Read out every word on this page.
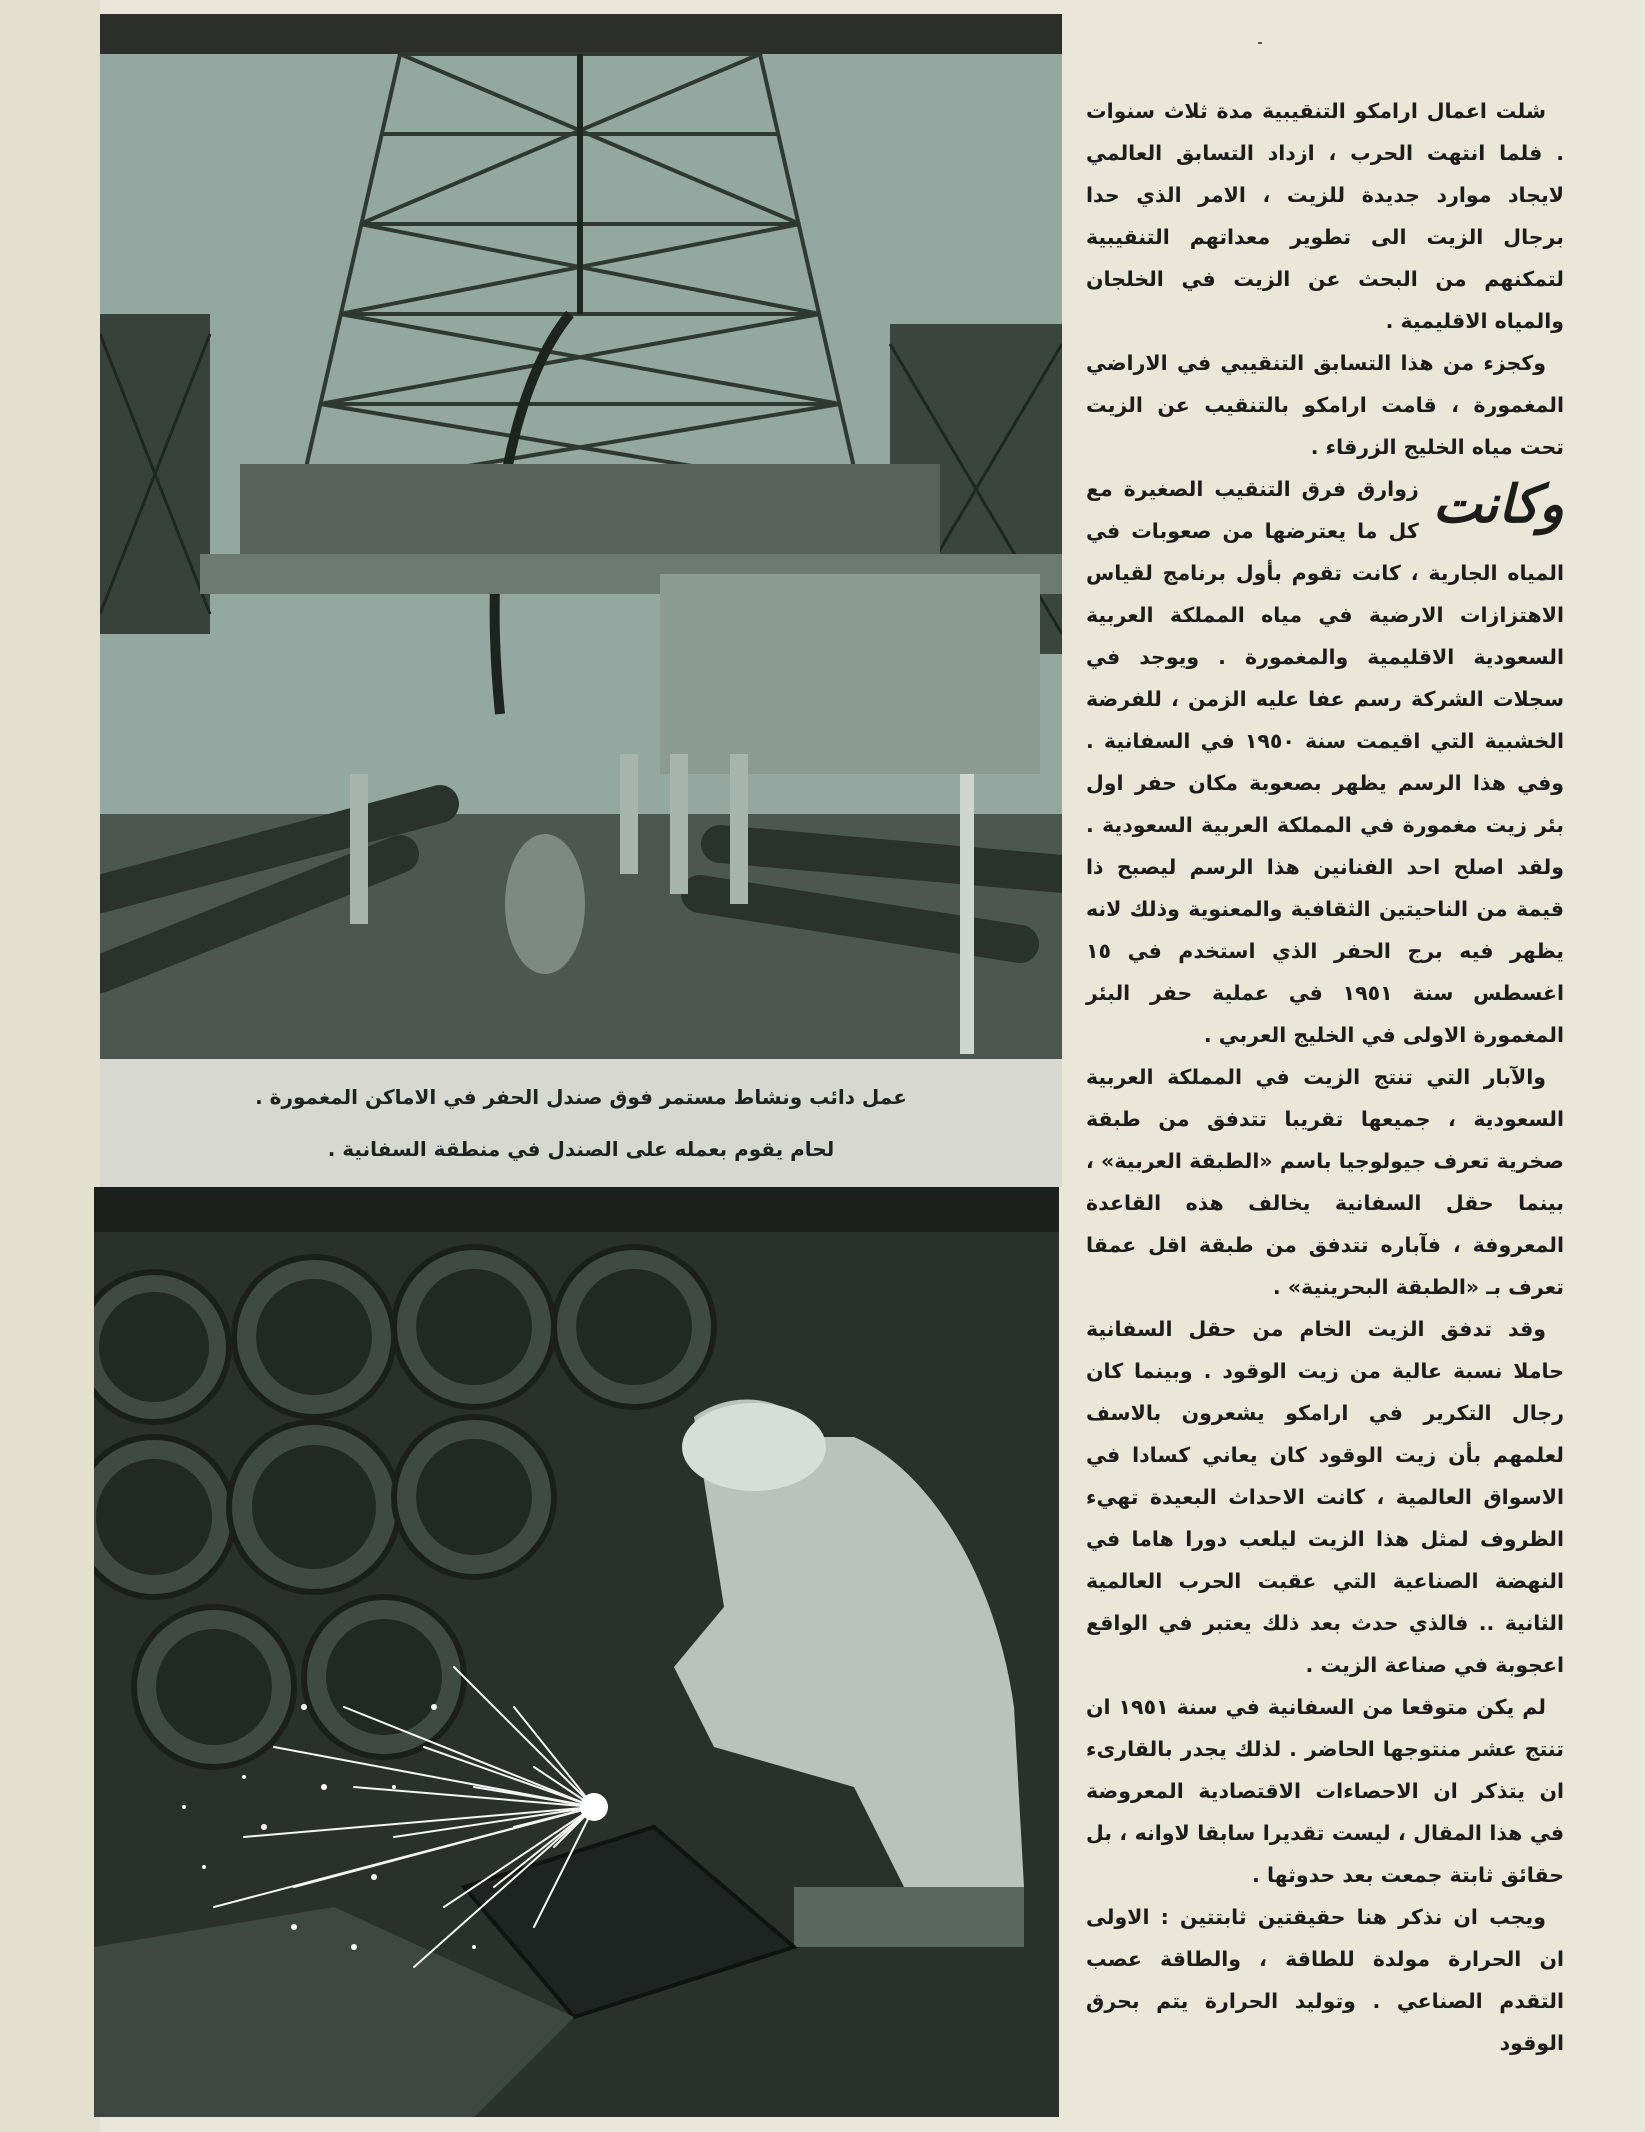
عمل دائب ونشاط مستمر فوق صندل الحفر في الاماكن المغمورة .
لحام يقوم بعمله على الصندل في منطقة السفانية .

شلت اعمال ارامكو التنقيبية مدة ثلاث سنوات . فلما انتهت الحرب ، ازداد التسابق العالمي لايجاد موارد جديدة للزيت ، الامر الذي حدا برجال الزيت الى تطوير معداتهم التنقيبية لتمكنهم من البحث عن الزيت في الخلجان والمياه الاقليمية .

وكجزء من هذا التسابق التنقيبي في الاراضي المغمورة ، قامت ارامكو بالتنقيب عن الزيت تحت مياه الخليج الزرقاء .

وكانت
زوارق فرق التنقيب الصغيرة مع كل ما يعترضها من صعوبات في المياه الجارية ، كانت تقوم بأول برنامج لقياس الاهتزازات الارضية في مياه المملكة العربية السعودية الاقليمية والمغمورة . ويوجد في سجلات الشركة رسم عفا عليه الزمن ، للفرضة الخشبية التي اقيمت سنة ١٩٥٠ في السفانية . وفي هذا الرسم يظهر بصعوبة مكان حفر اول بئر زيت مغمورة في المملكة العربية السعودية . ولقد اصلح احد الفنانين هذا الرسم ليصبح ذا قيمة من الناحيتين الثقافية والمعنوية وذلك لانه يظهر فيه برج الحفر الذي استخدم في ١٥ اغسطس سنة ١٩٥١ في عملية حفر البئر المغمورة الاولى في الخليج العربي .

والآبار التي تنتج الزيت في المملكة العربية السعودية ، جميعها تقريبا تتدفق من طبقة صخرية تعرف جيولوجيا باسم «الطبقة العربية» ، بينما حقل السفانية يخالف هذه القاعدة المعروفة ، فآباره تتدفق من طبقة اقل عمقا تعرف بـ «الطبقة البحرينية» .

وقد تدفق الزيت الخام من حقل السفانية حاملا نسبة عالية من زيت الوقود . وبينما كان رجال التكرير في ارامكو يشعرون بالاسف لعلمهم بأن زيت الوقود كان يعاني كسادا في الاسواق العالمية ، كانت الاحداث البعيدة تهيء الظروف لمثل هذا الزيت ليلعب دورا هاما في النهضة الصناعية التي عقبت الحرب العالمية الثانية .. فالذي حدث بعد ذلك يعتبر في الواقع اعجوبة في صناعة الزيت .

لم يكن متوقعا من السفانية في سنة ١٩٥١ ان تنتج عشر منتوجها الحاضر . لذلك يجدر بالقارىء ان يتذكر ان الاحصاءات الاقتصادية المعروضة في هذا المقال ، ليست تقديرا سابقا لاوانه ، بل حقائق ثابتة جمعت بعد حدوثها .

ويجب ان نذكر هنا حقيقتين ثابتتين : الاولى ان الحرارة مولدة للطاقة ، والطاقة عصب التقدم الصناعي . وتوليد الحرارة يتم بحرق الوقود
